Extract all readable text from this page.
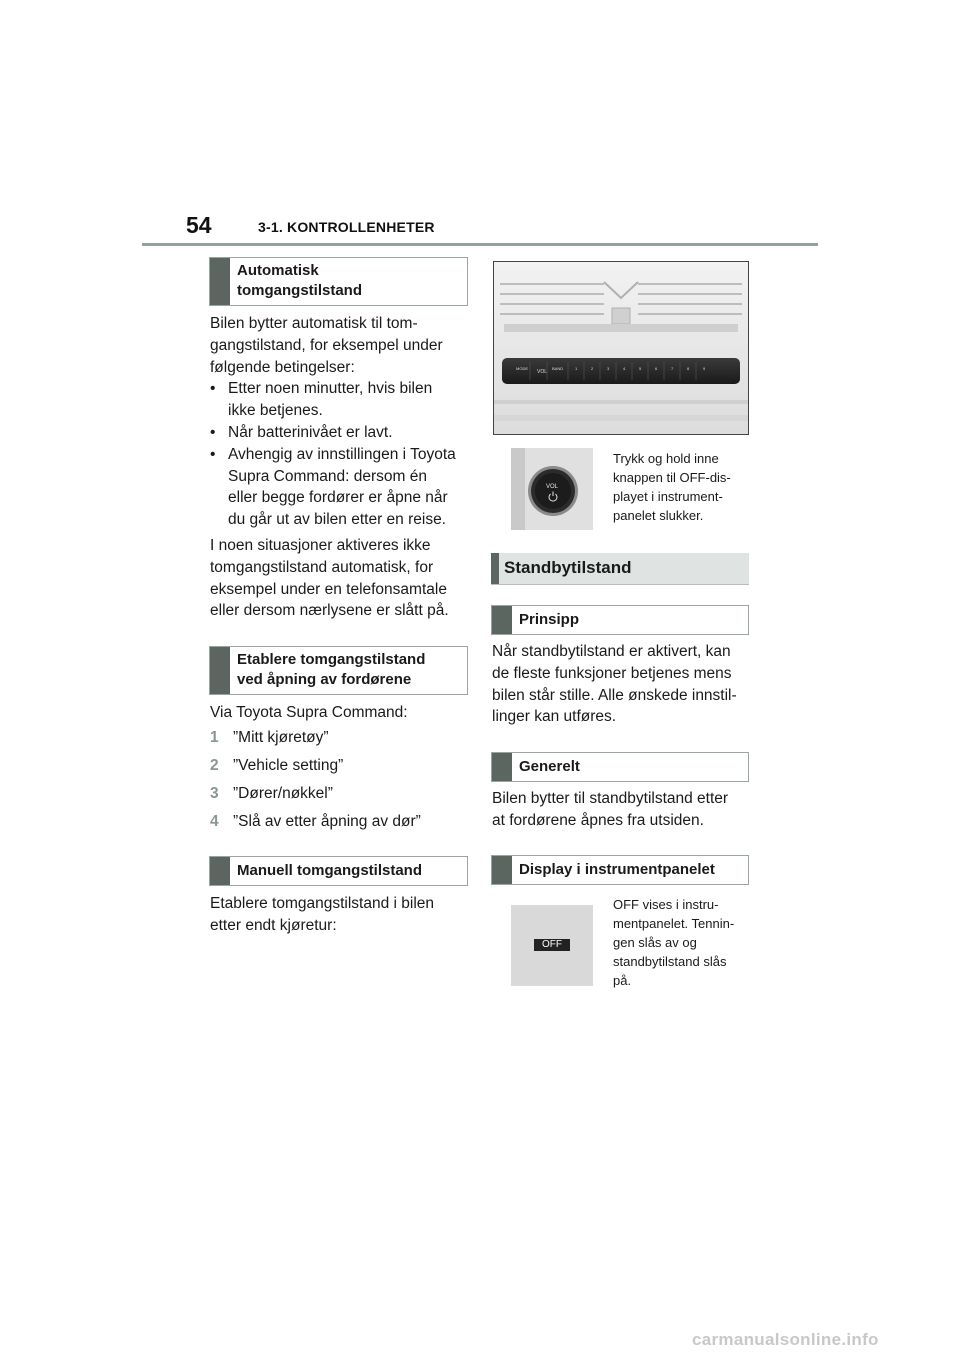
54	3-1. KONTROLLENHETER
Automatisk
tomgangstilstand
Bilen bytter automatisk til tom-
gangstilstand, for eksempel under
følgende betingelser:
• Etter noen minutter, hvis bilen
ikke betjenes.
• Når batterinivået er lavt.
• Avhengig av innstillingen i Toyota
Supra Command: dersom én
eller begge fordører er åpne når
du går ut av bilen etter en reise.
I noen situasjoner aktiveres ikke
tomgangstilstand automatisk, for
eksempel under en telefonsamtale
eller dersom nærlysene er slått på.
Etablere tomgangstilstand
ved åpning av fordørene
Via Toyota Supra Command:
1 ”Mitt kjøretøy”
2 ”Vehicle setting”
3 ”Dører/nøkkel”
4 ”Slå av etter åpning av dør”
Manuell tomgangstilstand
Etablere tomgangstilstand i bilen
etter endt kjøretur:
MODE
VOL
BAND	1	2	3	4	5	6	7	8	9
VOL
Trykk og hold inne
knappen til OFF-dis-
playet i instrument-
panelet slukker.
Standbytilstand
Prinsipp
Når standbytilstand er aktivert, kan
de fleste funksjoner betjenes mens
bilen står stille. Alle ønskede innstil-
linger kan utføres.
Generelt
Bilen bytter til standbytilstand etter
at fordørene åpnes fra utsiden.
Display i instrumentpanelet
OFF
OFF vises i instru-
mentpanelet. Tennin-
gen slås av og
standbytilstand slås
på.
carmanualsonline.info
